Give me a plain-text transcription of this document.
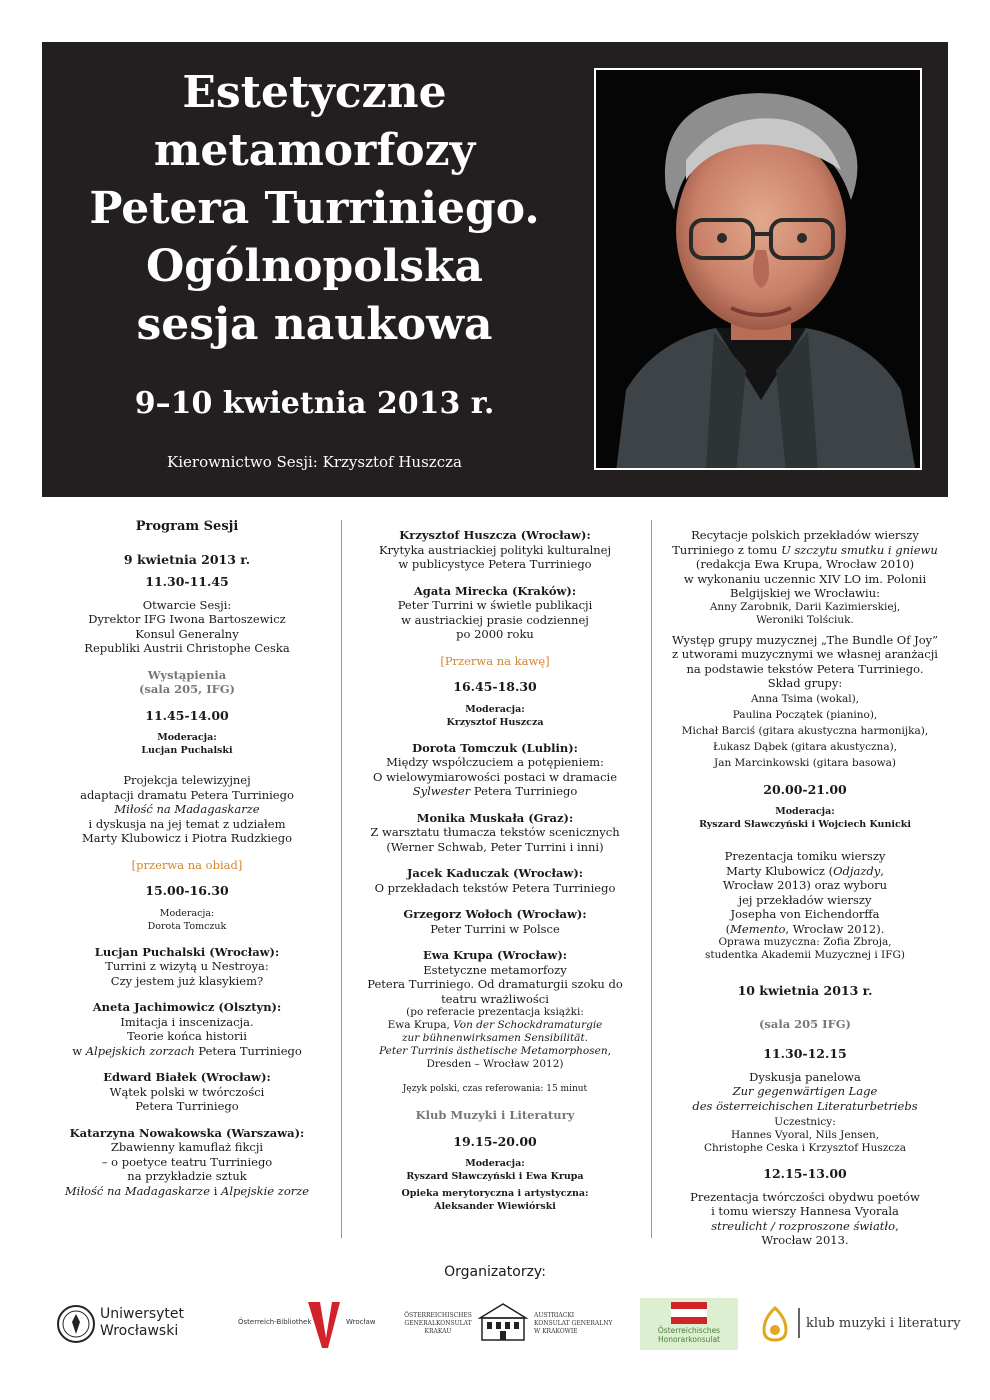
Estetyczne
metamorfozy
Petera Turriniego.
Ogólnopolska
sesja naukowa
9–10 kwietnia 2013 r.
Kierownictwo Sesji: Krzysztof Huszcza
Program Sesji
9 kwietnia 2013 r.
11.30-11.45
Otwarcie Sesji:
Dyrektor IFG Iwona Bartoszewicz
Konsul Generalny
Republiki Austrii Christophe Ceska
Wystąpienia
(sala 205, IFG)
11.45-14.00
Moderacja:
Lucjan Puchalski
Projekcja telewizyjnej
adaptacji dramatu Petera Turriniego
Miłość na Madagaskarze
i dyskusja na jej temat z udziałem
Marty Klubowicz i Piotra Rudzkiego
[przerwa na obiad]
15.00-16.30
Moderacja:
Dorota Tomczuk
Lucjan Puchalski (Wrocław):
Turrini z wizytą u Nestroya:
Czy jestem już klasykiem?
Aneta Jachimowicz (Olsztyn):
Imitacja i inscenizacja.
Teorie końca historii
w Alpejskich zorzach Petera Turriniego
Edward Białek (Wrocław):
Wątek polski w twórczości
Petera Turriniego
Katarzyna Nowakowska (Warszawa):
Zbawienny kamuflaż fikcji
– o poetyce teatru Turriniego
na przykładzie sztuk
Miłość na Madagaskarze i Alpejskie zorze
Krzysztof Huszcza (Wrocław):
Krytyka austriackiej polityki kulturalnej
w publicystyce Petera Turriniego
Agata Mirecka (Kraków):
Peter Turrini w świetle publikacji
w austriackiej prasie codziennej
po 2000 roku
[Przerwa na kawę]
16.45-18.30
Moderacja:
Krzysztof Huszcza
Dorota Tomczuk (Lublin):
Między współczuciem a potępieniem:
O wielowymiarowości postaci w dramacie
Sylwester Petera Turriniego
Monika Muskała (Graz):
Z warsztatu tłumacza tekstów scenicznych
(Werner Schwab, Peter Turrini i inni)
Jacek Kaduczak (Wrocław):
O przekładach tekstów Petera Turriniego
Grzegorz Wołoch (Wrocław):
Peter Turrini w Polsce
Ewa Krupa (Wrocław):
Estetyczne metamorfozy
Petera Turriniego. Od dramaturgii szoku do
teatru wrażliwości
(po referacie prezentacja książki:
Ewa Krupa, Von der Schockdramaturgie
zur bühnenwirksamen Sensibilität.
Peter Turrinis ästhetische Metamorphosen,
Dresden – Wrocław 2012)
Język polski, czas referowania: 15 minut
Klub Muzyki i Literatury
19.15-20.00
Moderacja:
Ryszard Sławczyński i Ewa Krupa
Opieka merytoryczna i artystyczna:
Aleksander Wiewiórski
Recytacje polskich przekładów wierszy
Turriniego z tomu U szczytu smutku i gniewu
(redakcja Ewa Krupa, Wrocław 2010)
w wykonaniu uczennic XIV LO im. Polonii
Belgijskiej we Wrocławiu:
Anny Zarobnik, Darii Kazimierskiej,
Weroniki Tolściuk.
Występ grupy muzycznej „The Bundle Of Joy”
z utworami muzycznymi we własnej aranżacji
na podstawie tekstów Petera Turriniego.
Skład grupy:
Anna Tsima (wokal),
Paulina Początek (pianino),
Michał Barciś (gitara akustyczna harmonijka),
Łukasz Dąbek (gitara akustyczna),
Jan Marcinkowski (gitara basowa)
20.00-21.00
Moderacja:
Ryszard Sławczyński i Wojciech Kunicki
Prezentacja tomiku wierszy
Marty Klubowicz (Odjazdy,
Wrocław 2013) oraz wyboru
jej przekładów wierszy
Josepha von Eichendorffa
(Memento, Wrocław 2012).
Oprawa muzyczna: Zofia Zbroja,
studentka Akademii Muzycznej i IFG)
10 kwietnia 2013 r.
(sala 205 IFG)
11.30-12.15
Dyskusja panelowa
Zur gegenwärtigen Lage
des österreichischen Literaturbetriebs
Uczestnicy:
Hannes Vyoral, Nils Jensen,
Christophe Ceska i Krzysztof Huszcza
12.15-13.00
Prezentacja twórczości obydwu poetów
i tomu wierszy Hannesa Vyorala
streulicht / rozproszone światło,
Wrocław 2013.
Organizatorzy:
Uniwersytet
Wrocławski
Österreich-Bibliothek	Wrocław
ÖSTERREICHISCHES
GENERALKONSULAT
KRAKAU
AUSTRIACKI
KONSULAT GENERALNY
W KRAKOWIE	Österreichisches
Honorarkonsulat
klub muzyki i literatury
